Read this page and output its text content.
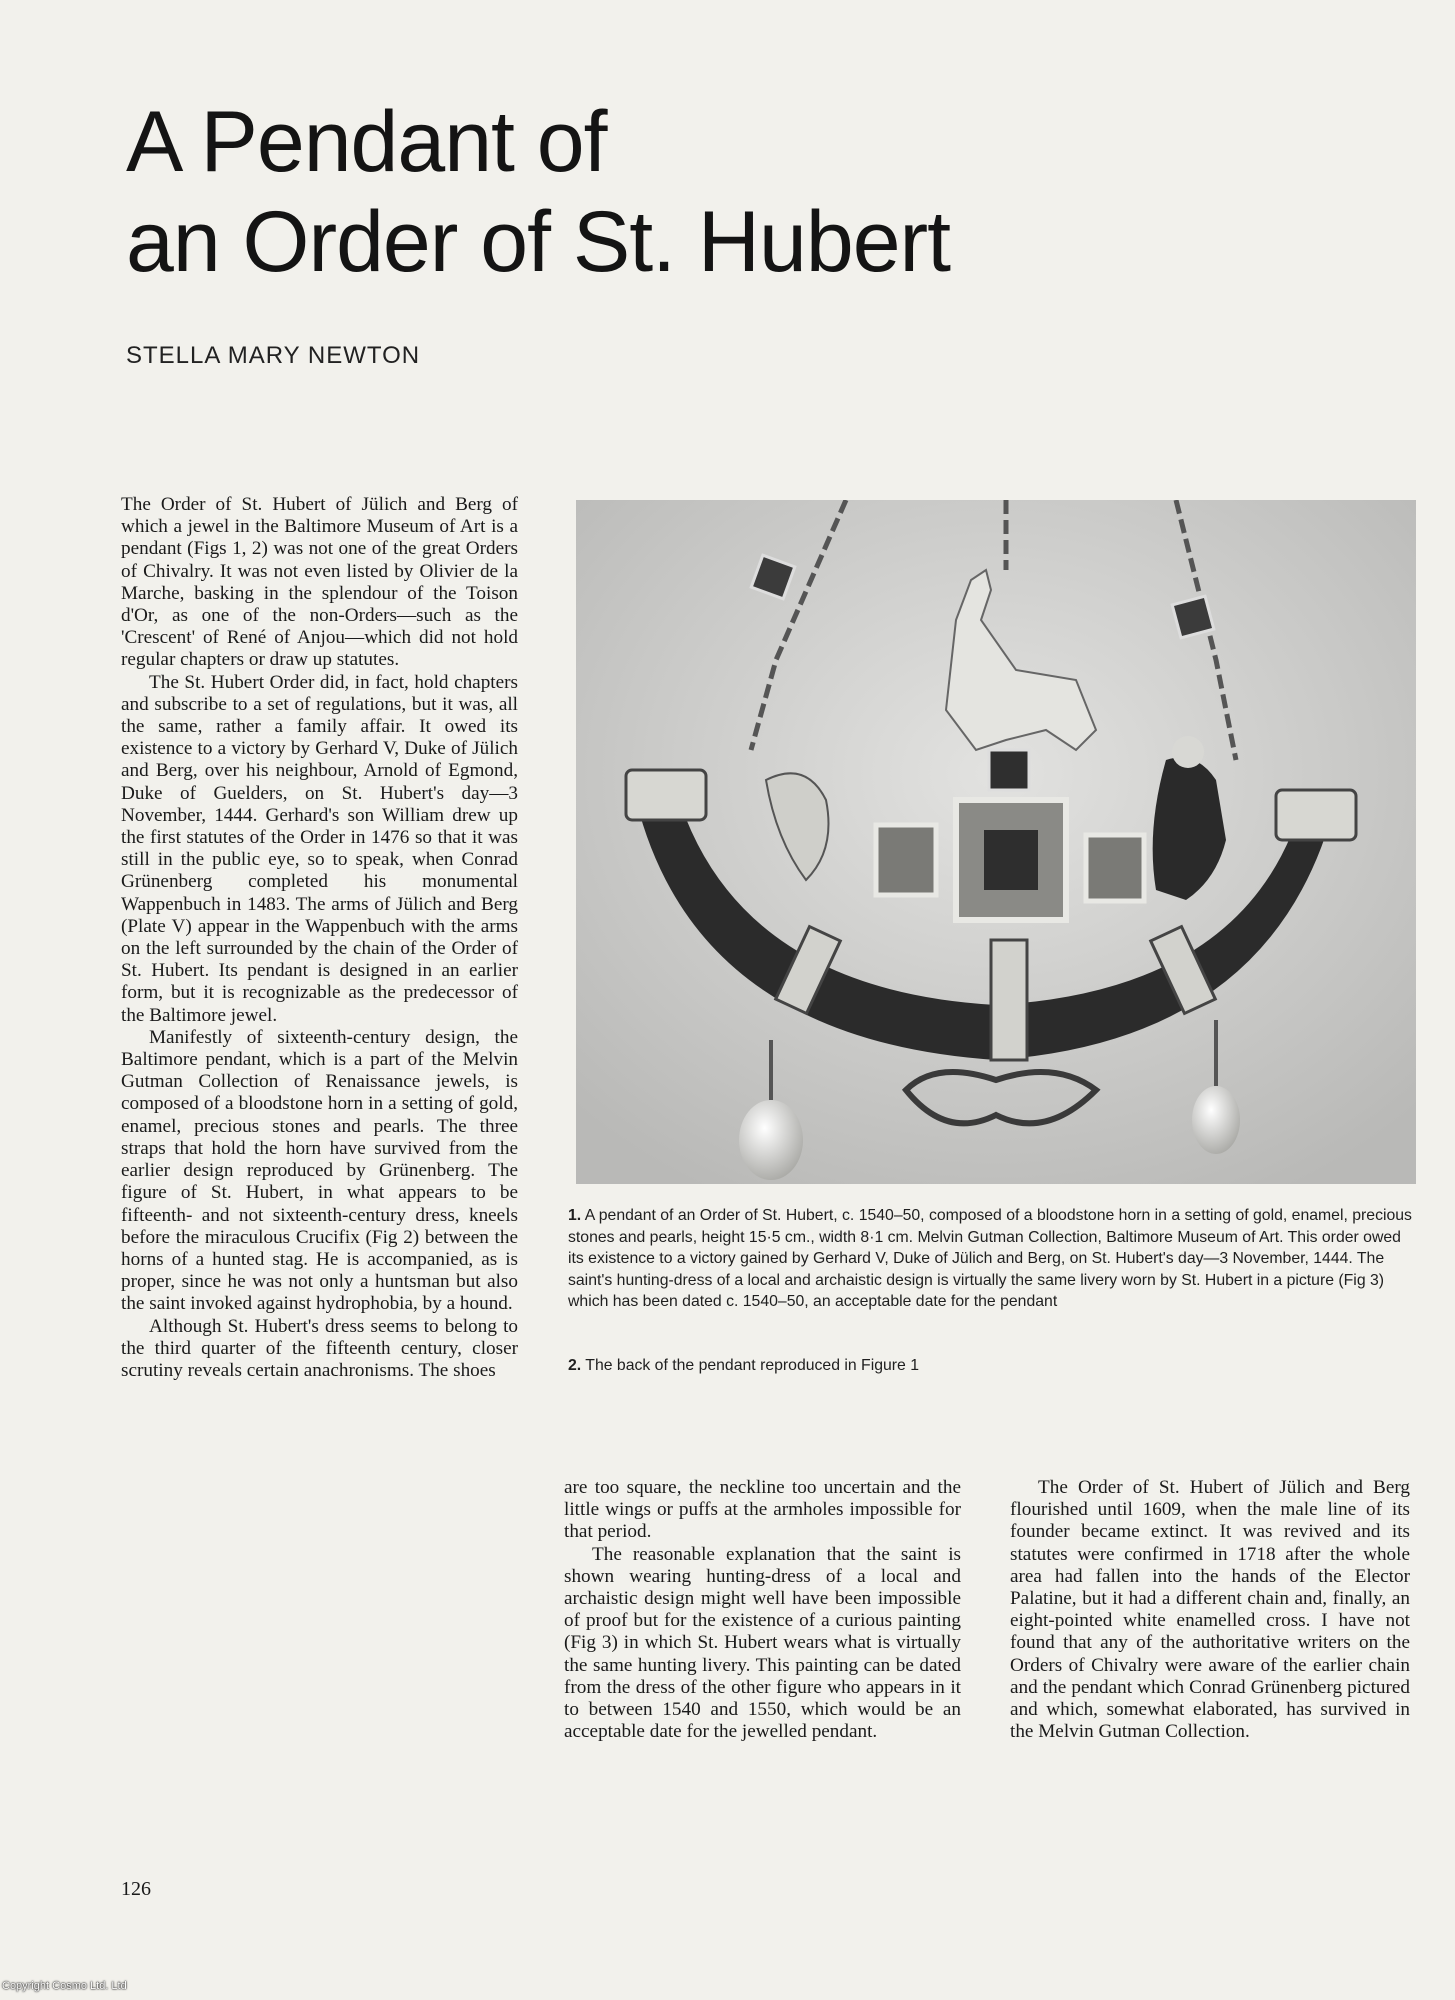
A Pendant of
an Order of St. Hubert
STELLA MARY NEWTON

The Order of St. Hubert of Jülich and Berg of which a jewel in the Baltimore Museum of Art is a pendant (Figs 1, 2) was not one of the great Orders of Chivalry. It was not even listed by Olivier de la Marche, basking in the splendour of the Toison d'Or, as one of the non-Orders—such as the 'Crescent' of René of Anjou—which did not hold regular chapters or draw up statutes.

The St. Hubert Order did, in fact, hold chapters and subscribe to a set of regulations, but it was, all the same, rather a family affair. It owed its existence to a victory by Gerhard V, Duke of Jülich and Berg, over his neighbour, Arnold of Egmond, Duke of Guelders, on St. Hubert's day—3 November, 1444. Gerhard's son William drew up the first statutes of the Order in 1476 so that it was still in the public eye, so to speak, when Conrad Grünenberg completed his monumental Wappenbuch in 1483. The arms of Jülich and Berg (Plate V) appear in the Wappenbuch with the arms on the left surrounded by the chain of the Order of St. Hubert. Its pendant is designed in an earlier form, but it is recognizable as the predecessor of the Baltimore jewel.

Manifestly of sixteenth-century design, the Baltimore pendant, which is a part of the Melvin Gutman Collection of Renaissance jewels, is composed of a bloodstone horn in a setting of gold, enamel, precious stones and pearls. The three straps that hold the horn have survived from the earlier design reproduced by Grünenberg. The figure of St. Hubert, in what appears to be fifteenth- and not sixteenth-century dress, kneels before the miraculous Crucifix (Fig 2) between the horns of a hunted stag. He is accompanied, as is proper, since he was not only a huntsman but also the saint invoked against hydrophobia, by a hound.

Although St. Hubert's dress seems to belong to the third quarter of the fifteenth century, closer scrutiny reveals certain anachronisms. The shoes

1. A pendant of an Order of St. Hubert, c. 1540–50, composed of a bloodstone horn in a setting of gold, enamel, precious stones and pearls, height 15·5 cm., width 8·1 cm. Melvin Gutman Collection, Baltimore Museum of Art. This order owed its existence to a victory gained by Gerhard V, Duke of Jülich and Berg, on St. Hubert's day—3 November, 1444. The saint's hunting-dress of a local and archaistic design is virtually the same livery worn by St. Hubert in a picture (Fig 3) which has been dated c. 1540–50, an acceptable date for the pendant
2. The back of the pendant reproduced in Figure 1

are too square, the neckline too uncertain and the little wings or puffs at the armholes impossible for that period.

The reasonable explanation that the saint is shown wearing hunting-dress of a local and archaistic design might well have been impossible of proof but for the existence of a curious painting (Fig 3) in which St. Hubert wears what is virtually the same hunting livery. This painting can be dated from the dress of the other figure who appears in it to between 1540 and 1550, which would be an acceptable date for the jewelled pendant.

The Order of St. Hubert of Jülich and Berg flourished until 1609, when the male line of its founder became extinct. It was revived and its statutes were confirmed in 1718 after the whole area had fallen into the hands of the Elector Palatine, but it had a different chain and, finally, an eight-pointed white enamelled cross. I have not found that any of the authoritative writers on the Orders of Chivalry were aware of the earlier chain and the pendant which Conrad Grünenberg pictured and which, somewhat elaborated, has survived in the Melvin Gutman Collection.

126
Copyright Cosmo Ltd. Ltd
